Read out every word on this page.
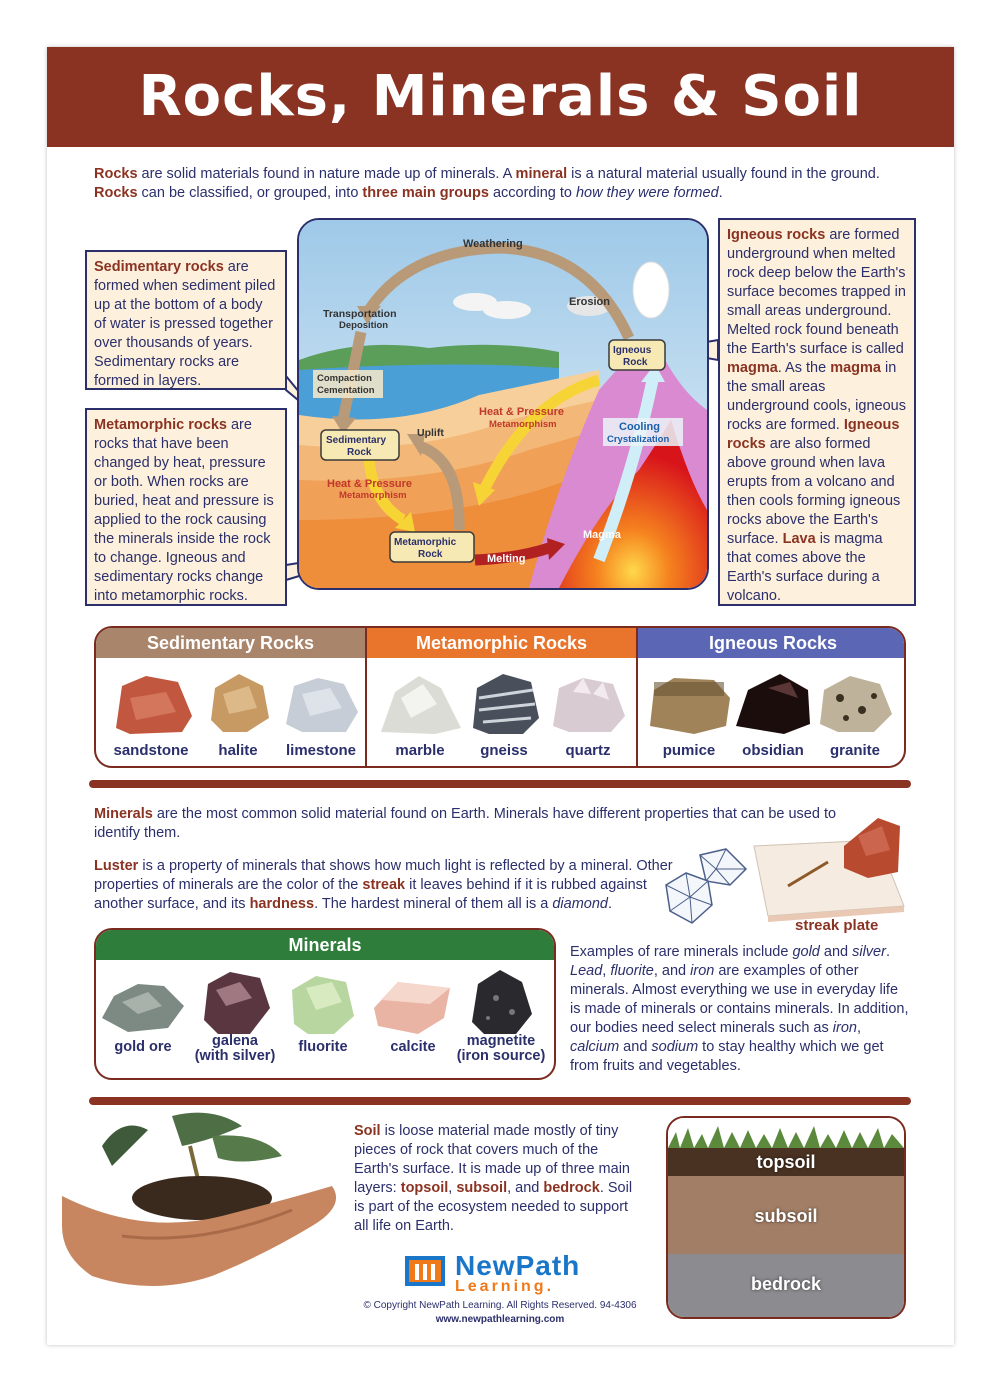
Rocks, Minerals & Soil
Rocks are solid materials found in nature made up of minerals. A mineral is a natural material usually found in the ground.
Rocks can be classified, or grouped, into three main groups according to how they were formed.
Sedimentary rocks are formed when sediment piled up at the bottom of a body of water is pressed together over thousands of years. Sedimentary rocks are formed in layers.
Metamorphic rocks are rocks that have been changed by heat, pressure or both. When rocks are buried, heat and pressure is applied to the rock causing the minerals inside the rock to change. Igneous and sedimentary rocks change into metamorphic rocks.
Igneous rocks are formed underground when melted rock deep below the Earth's surface becomes trapped in small areas underground. Melted rock found beneath the Earth's surface is called magma. As the magma in the small areas underground cools, igneous rocks are formed. Igneous rocks are also formed above ground when lava erupts from a volcano and then cools forming igneous rocks above the Earth's surface. Lava is magma that comes above the Earth's surface during a volcano.
Weathering
Erosion
Transportation
Deposition
Compaction
Cementation
Sedimentary
Rock
Uplift
Heat & Pressure
Metamorphism
Heat & Pressure
Metamorphism
Metamorphic
Rock	Melting
Magma
Cooling
Crystalization
Igneous
Rock
Sedimentary Rocks
sandstone	halite	limestone
Metamorphic Rocks
marble	gneiss	quartz
Igneous Rocks
pumice	obsidian	granite
Minerals are the most common solid material found on Earth. Minerals have different properties that can be used to identify them.
Luster is a property of minerals that shows how much light is reflected by a mineral. Other properties of minerals are the color of the streak it leaves behind if it is rubbed against another surface, and its hardness. The hardest mineral of them all is a diamond.
streak plate
Minerals
gold ore	galena
(with silver)
fluorite	calcite	magnetite
(iron source)
Examples of rare minerals include gold and silver. Lead, fluorite, and iron are examples of other minerals. Almost everything we use in everyday life is made of minerals or contains minerals. In addition, our bodies need select minerals such as iron, calcium and sodium to stay healthy which we get from fruits and vegetables.
Soil is loose material made mostly of tiny pieces of rock that covers much of the Earth's surface. It is made up of three main layers: topsoil, subsoil, and bedrock. Soil is part of the ecosystem needed to support all life on Earth.
topsoil
subsoil
bedrock
NewPath
Learning.
© Copyright NewPath Learning. All Rights Reserved. 94-4306
www.newpathlearning.com
